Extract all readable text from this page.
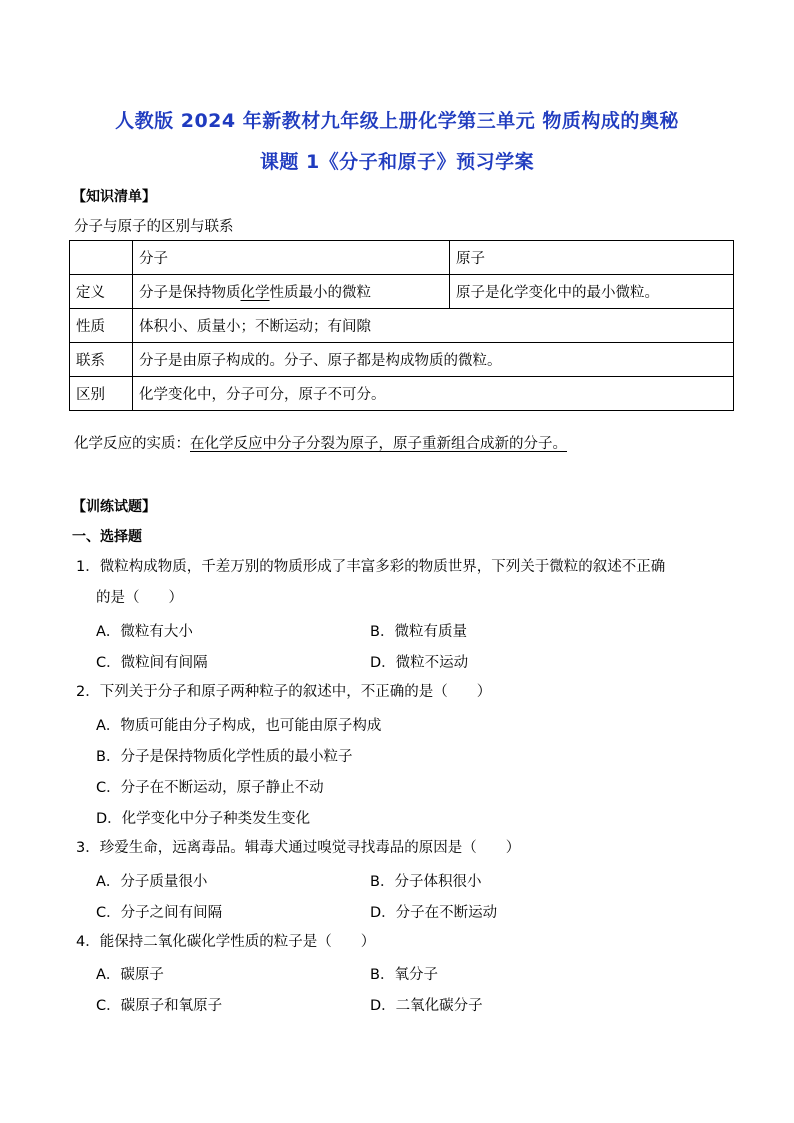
人教版 2024 年新教材九年级上册化学第三单元 物质构成的奥秘
课题 1《分子和原子》预习学案
【知识清单】
分子与原子的区别与联系
	分子	原子
定义	分子是保持物质化学性质最小的微粒	原子是化学变化中的最小微粒。
性质	体积小、质量小；不断运动；有间隙	
联系	分子是由原子构成的。分子、原子都是构成物质的微粒。	
区别	化学变化中，分子可分，原子不可分。	
化学反应的实质：在化学反应中分子分裂为原子，原子重新组合成新的分子。
【训练试题】
一、选择题
1．微粒构成物质，千差万别的物质形成了丰富多彩的物质世界，下列关于微粒的叙述不正确
的是（　　）
A．微粒有大小	B．微粒有质量
C．微粒间有间隔	D．微粒不运动
2．下列关于分子和原子两种粒子的叙述中，不正确的是（　　）
A．物质可能由分子构成，也可能由原子构成
B．分子是保持物质化学性质的最小粒子
C．分子在不断运动，原子静止不动
D．化学变化中分子种类发生变化
3．珍爱生命，远离毒品。辑毒犬通过嗅觉寻找毒品的原因是（　　）
A．分子质量很小	B．分子体积很小
C．分子之间有间隔	D．分子在不断运动
4．能保持二氧化碳化学性质的粒子是（　　）
A．碳原子	B．氧分子
C．碳原子和氧原子	D．二氧化碳分子
